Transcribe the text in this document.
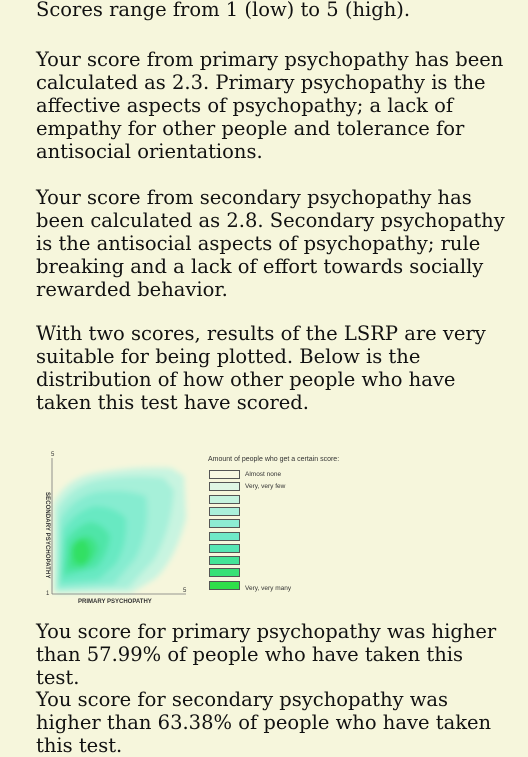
Scores range from 1 (low) to 5 (high).

Your score from primary psychopathy has been calculated as 2.3. Primary psychopathy is the affective aspects of psychopathy; a lack of empathy for other people and tolerance for antisocial orientations.

Your score from secondary psychopathy has been calculated as 2.8. Secondary psychopathy is the antisocial aspects of psychopathy; rule breaking and a lack of effort towards socially rewarded behavior.

With two scores, results of the LSRP are very suitable for being plotted. Below is the distribution of how other people who have taken this test have scored.

5
1	5
SECONDARY PSYCHOPATHY
PRIMARY PSYCHOPATHY
Amount of people who get a certain score:
Almost none
Very, very few
Very, very many

You score for primary psychopathy was higher than 57.99% of people who have taken this test.

You score for secondary psychopathy was higher than 63.38% of people who have taken this test.
